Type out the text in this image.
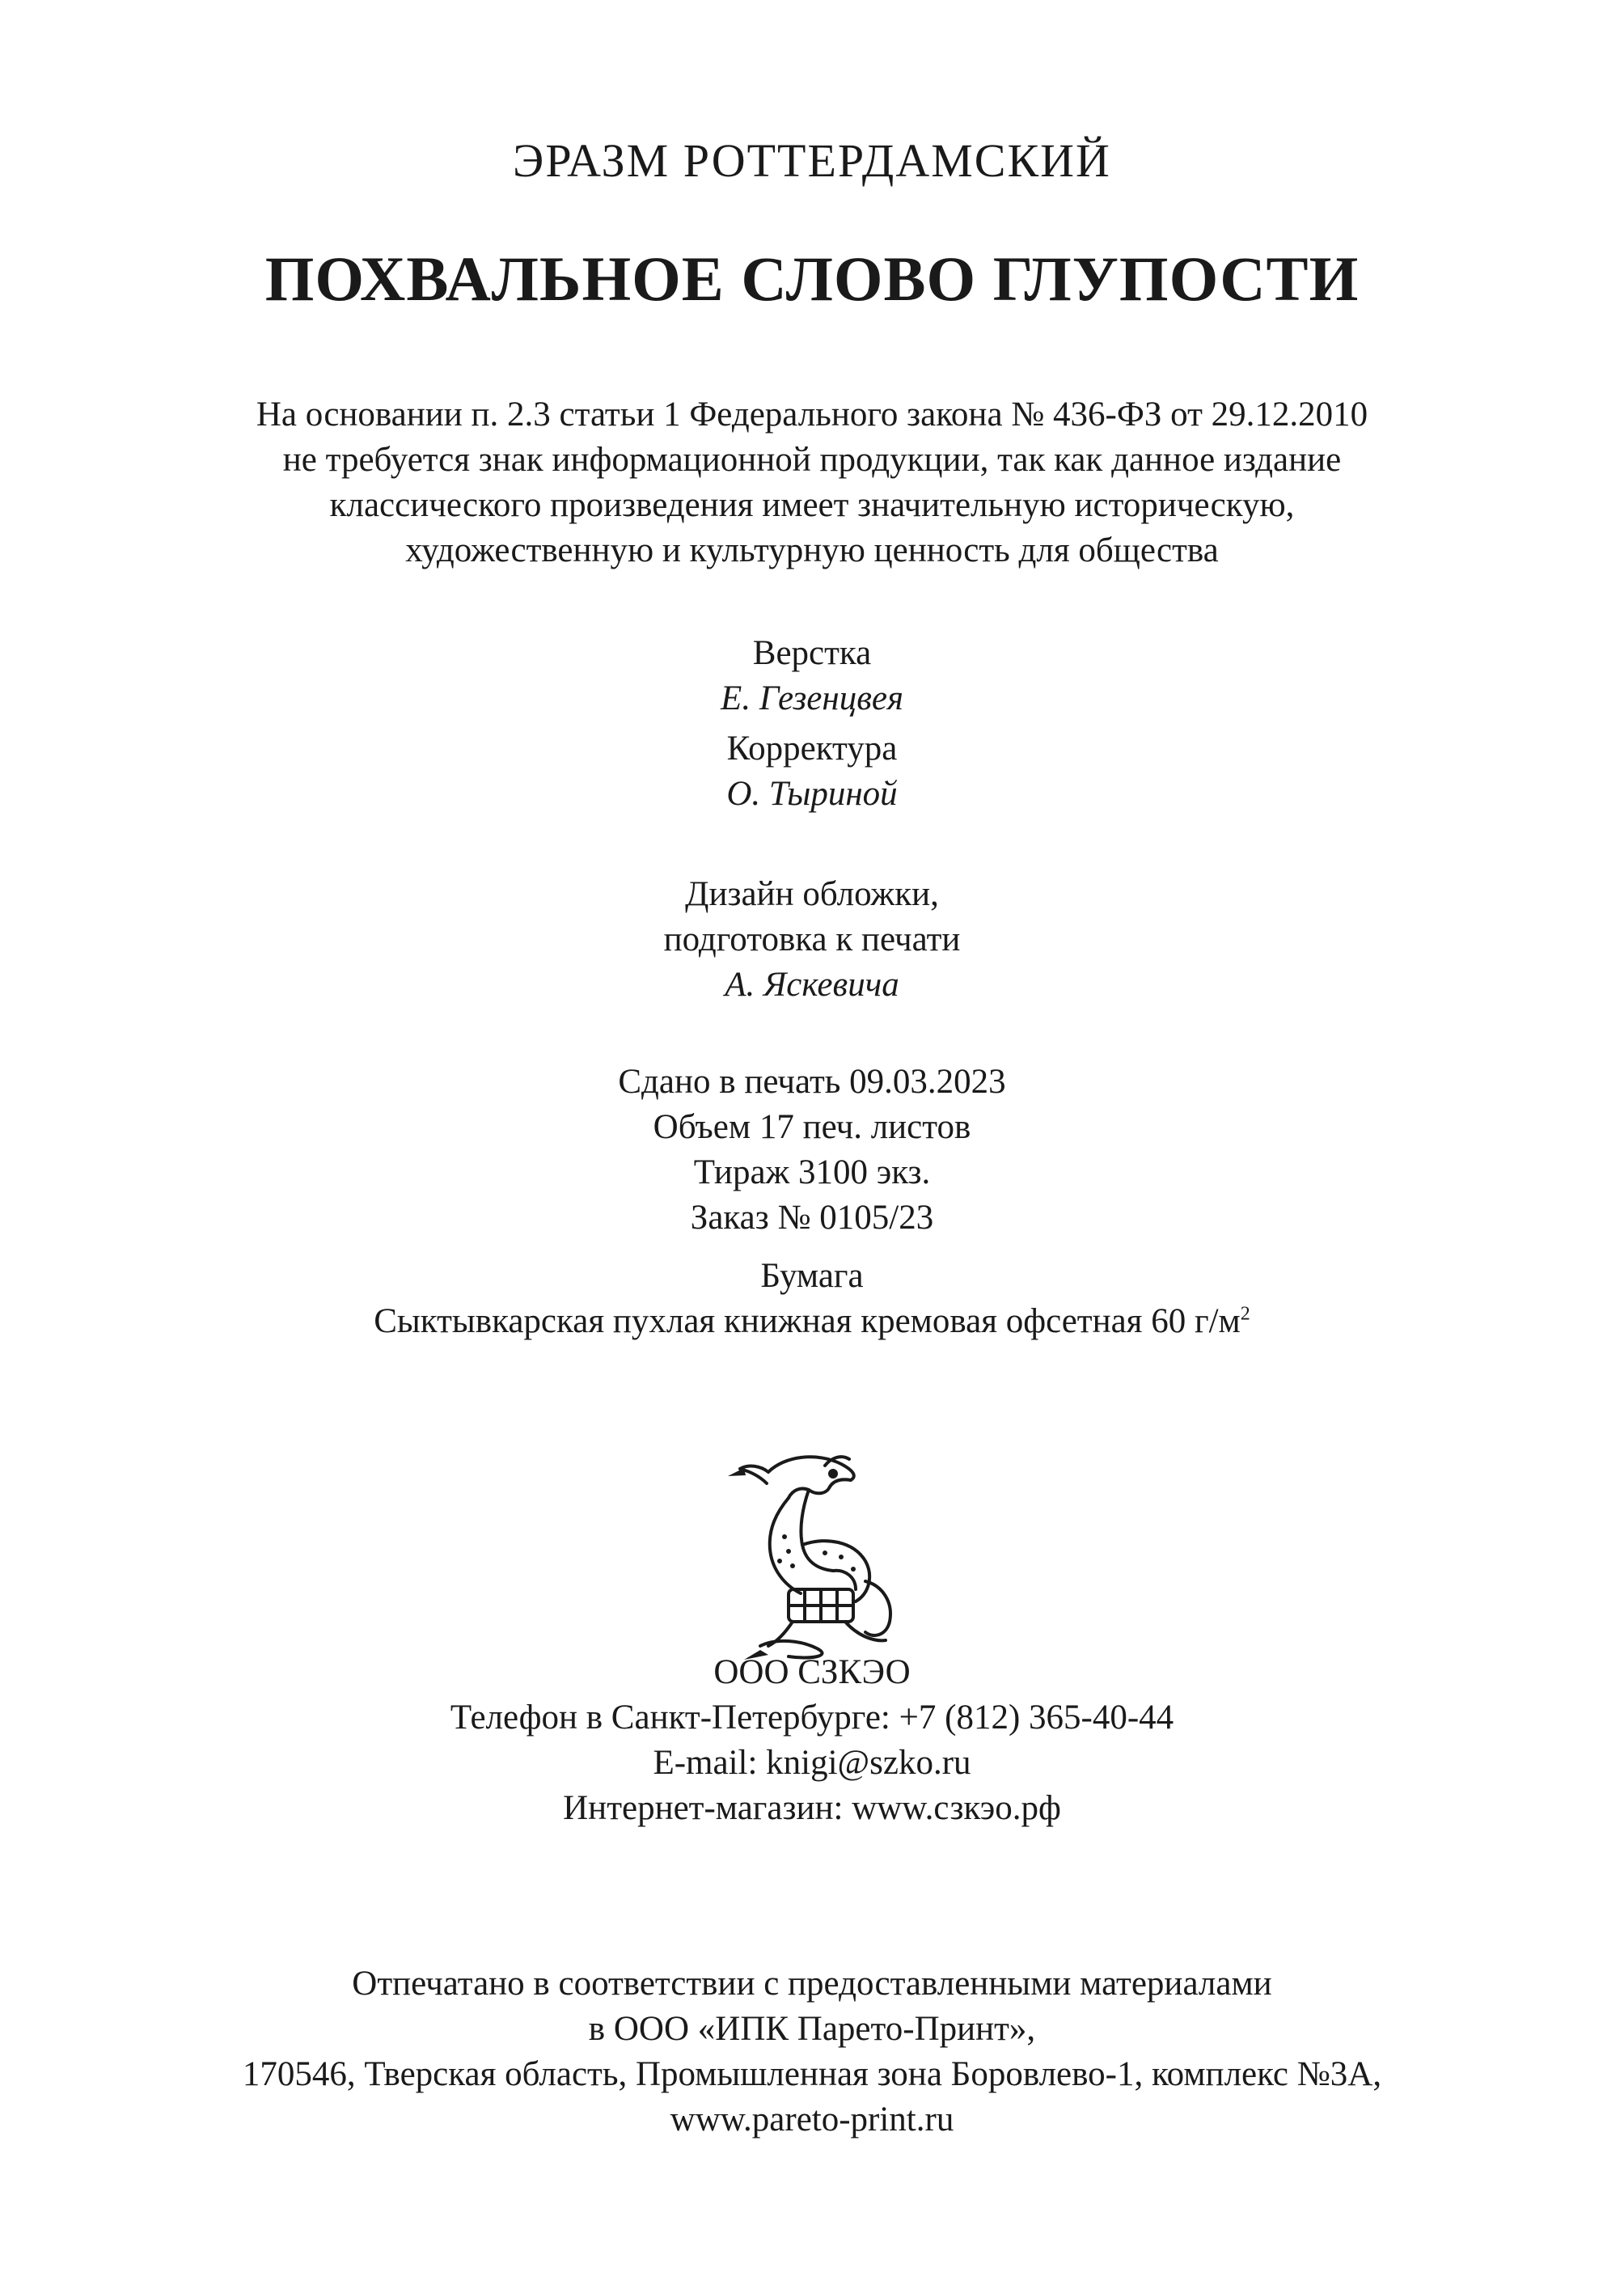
ЭРАЗМ РОТТЕРДАМСКИЙ
ПОХВАЛЬНОЕ СЛОВО ГЛУПОСТИ
На основании п. 2.3 статьи 1 Федерального закона № 436-ФЗ от 29.12.2010
не требуется знак информационной продукции, так как данное издание
классического произведения имеет значительную историческую,
художественную и культурную ценность для общества
Верстка
Е. Гезенцвея
Корректура
О. Тыриной
Дизайн обложки,
подготовка к печати
А. Яскевича
Сдано в печать 09.03.2023
Объем 17 печ. листов
Тираж 3100 экз.
Заказ № 0105/23
Бумага
Сыктывкарская пухлая книжная кремовая офсетная 60 $г/м^2$
ООО СЗКЭО
Телефон в Санкт-Петербурге: +7 (812) 365-40-44
E-mail: knigi@szko.ru
Интернет-магазин: www.сзкэо.рф
Отпечатано в соответствии с предоставленными материалами
в ООО «ИПК Парето-Принт»,
170546, Тверская область, Промышленная зона Боровлево-1, комплекс №3А,
www.pareto-print.ru
